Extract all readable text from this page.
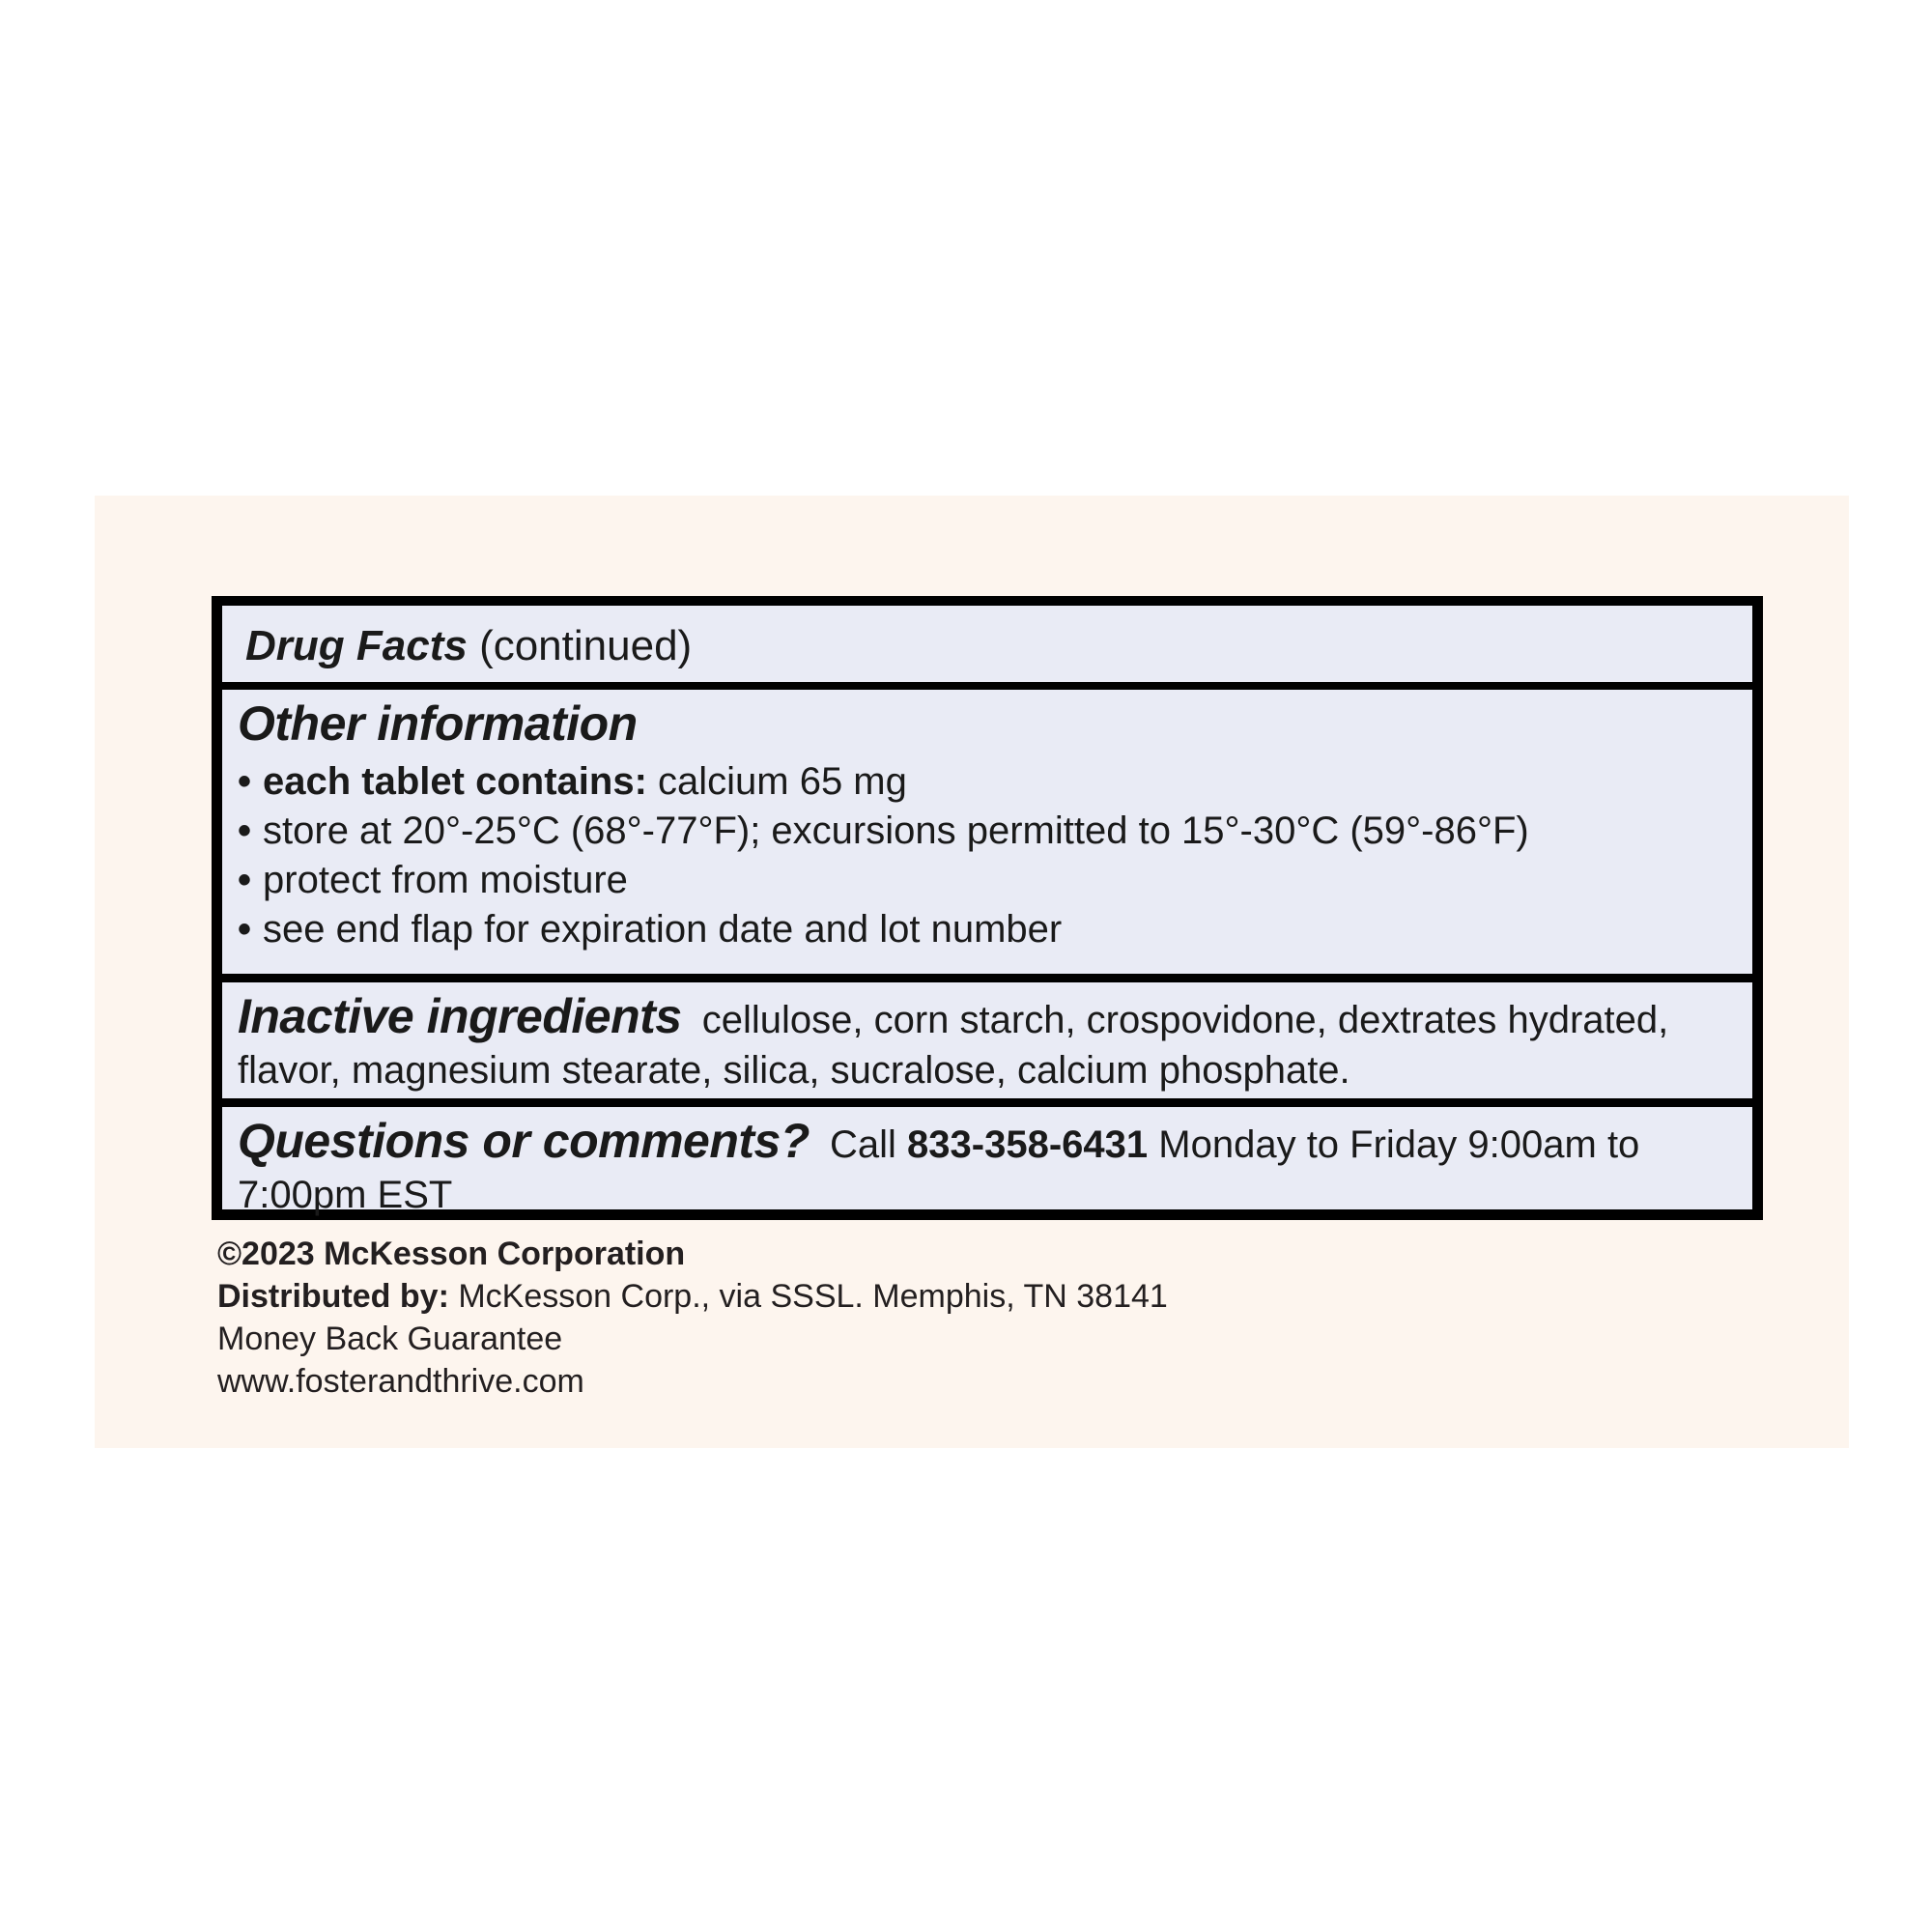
Drug Facts (continued)
Other information
• each tablet contains: calcium 65 mg
• store at 20°-25°C (68°-77°F); excursions permitted to 15°-30°C (59°-86°F)
• protect from moisture
• see end flap for expiration date and lot number
Inactive ingredients cellulose, corn starch, crospovidone, dextrates hydrated, flavor, magnesium stearate, silica, sucralose, calcium phosphate.
Questions or comments? Call 833-358-6431 Monday to Friday 9:00am to 7:00pm EST
©2023 McKesson Corporation
Distributed by: McKesson Corp., via SSSL. Memphis, TN 38141
Money Back Guarantee
www.fosterandthrive.com
